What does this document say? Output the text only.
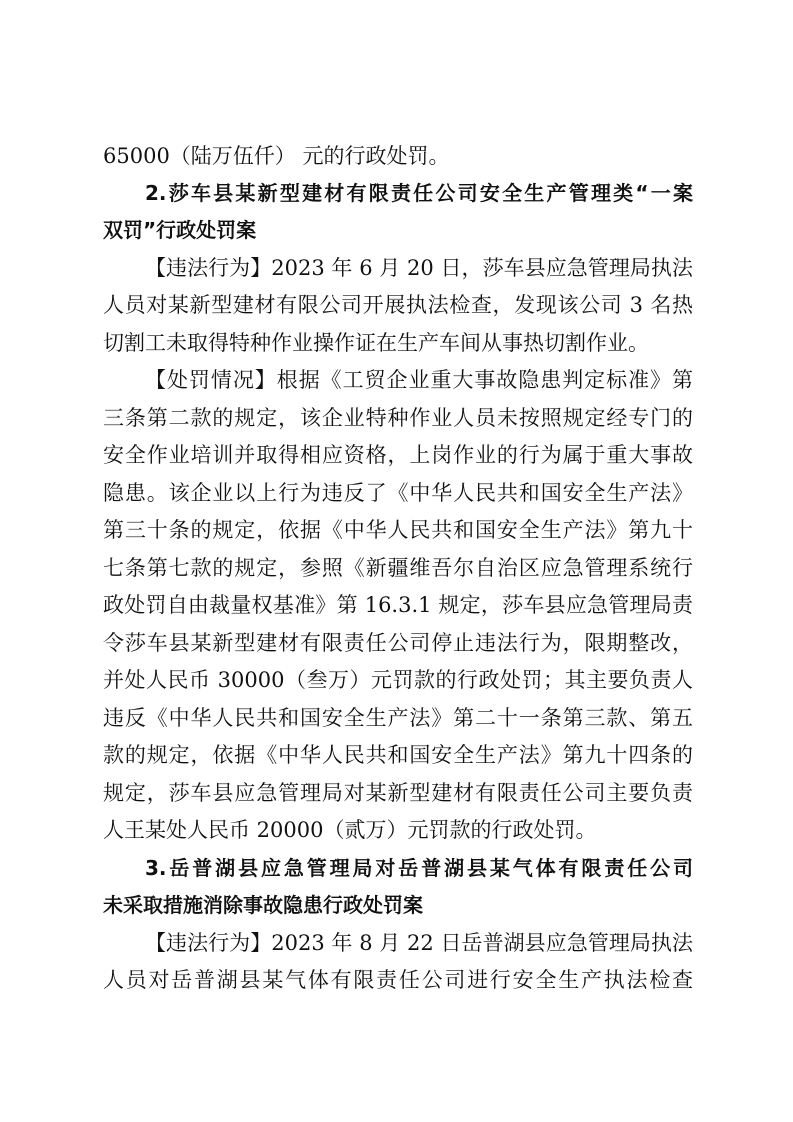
65000（陆万伍仟） 元的行政处罚。
2.莎车县某新型建材有限责任公司安全生产管理类“一案
双罚”行政处罚案
【违法行为】2023 年 6 月 20 日，莎车县应急管理局执法
人员对某新型建材有限公司开展执法检查，发现该公司 3 名热
切割工未取得特种作业操作证在生产车间从事热切割作业。
【处罚情况】根据《工贸企业重大事故隐患判定标准》第
三条第二款的规定，该企业特种作业人员未按照规定经专门的
安全作业培训并取得相应资格，上岗作业的行为属于重大事故
隐患。该企业以上行为违反了《中华人民共和国安全生产法》
第三十条的规定，依据《中华人民共和国安全生产法》第九十
七条第七款的规定，参照《新疆维吾尔自治区应急管理系统行
政处罚自由裁量权基准》第 16.3.1 规定，莎车县应急管理局责
令莎车县某新型建材有限责任公司停止违法行为，限期整改，
并处人民币 30000（叁万）元罚款的行政处罚；其主要负责人
违反《中华人民共和国安全生产法》第二十一条第三款、第五
款的规定，依据《中华人民共和国安全生产法》第九十四条的
规定，莎车县应急管理局对某新型建材有限责任公司主要负责
人王某处人民币 20000（贰万）元罚款的行政处罚。
3.岳普湖县应急管理局对岳普湖县某气体有限责任公司
未采取措施消除事故隐患行政处罚案
【违法行为】2023 年 8 月 22 日岳普湖县应急管理局执法
人员对岳普湖县某气体有限责任公司进行安全生产执法检查
